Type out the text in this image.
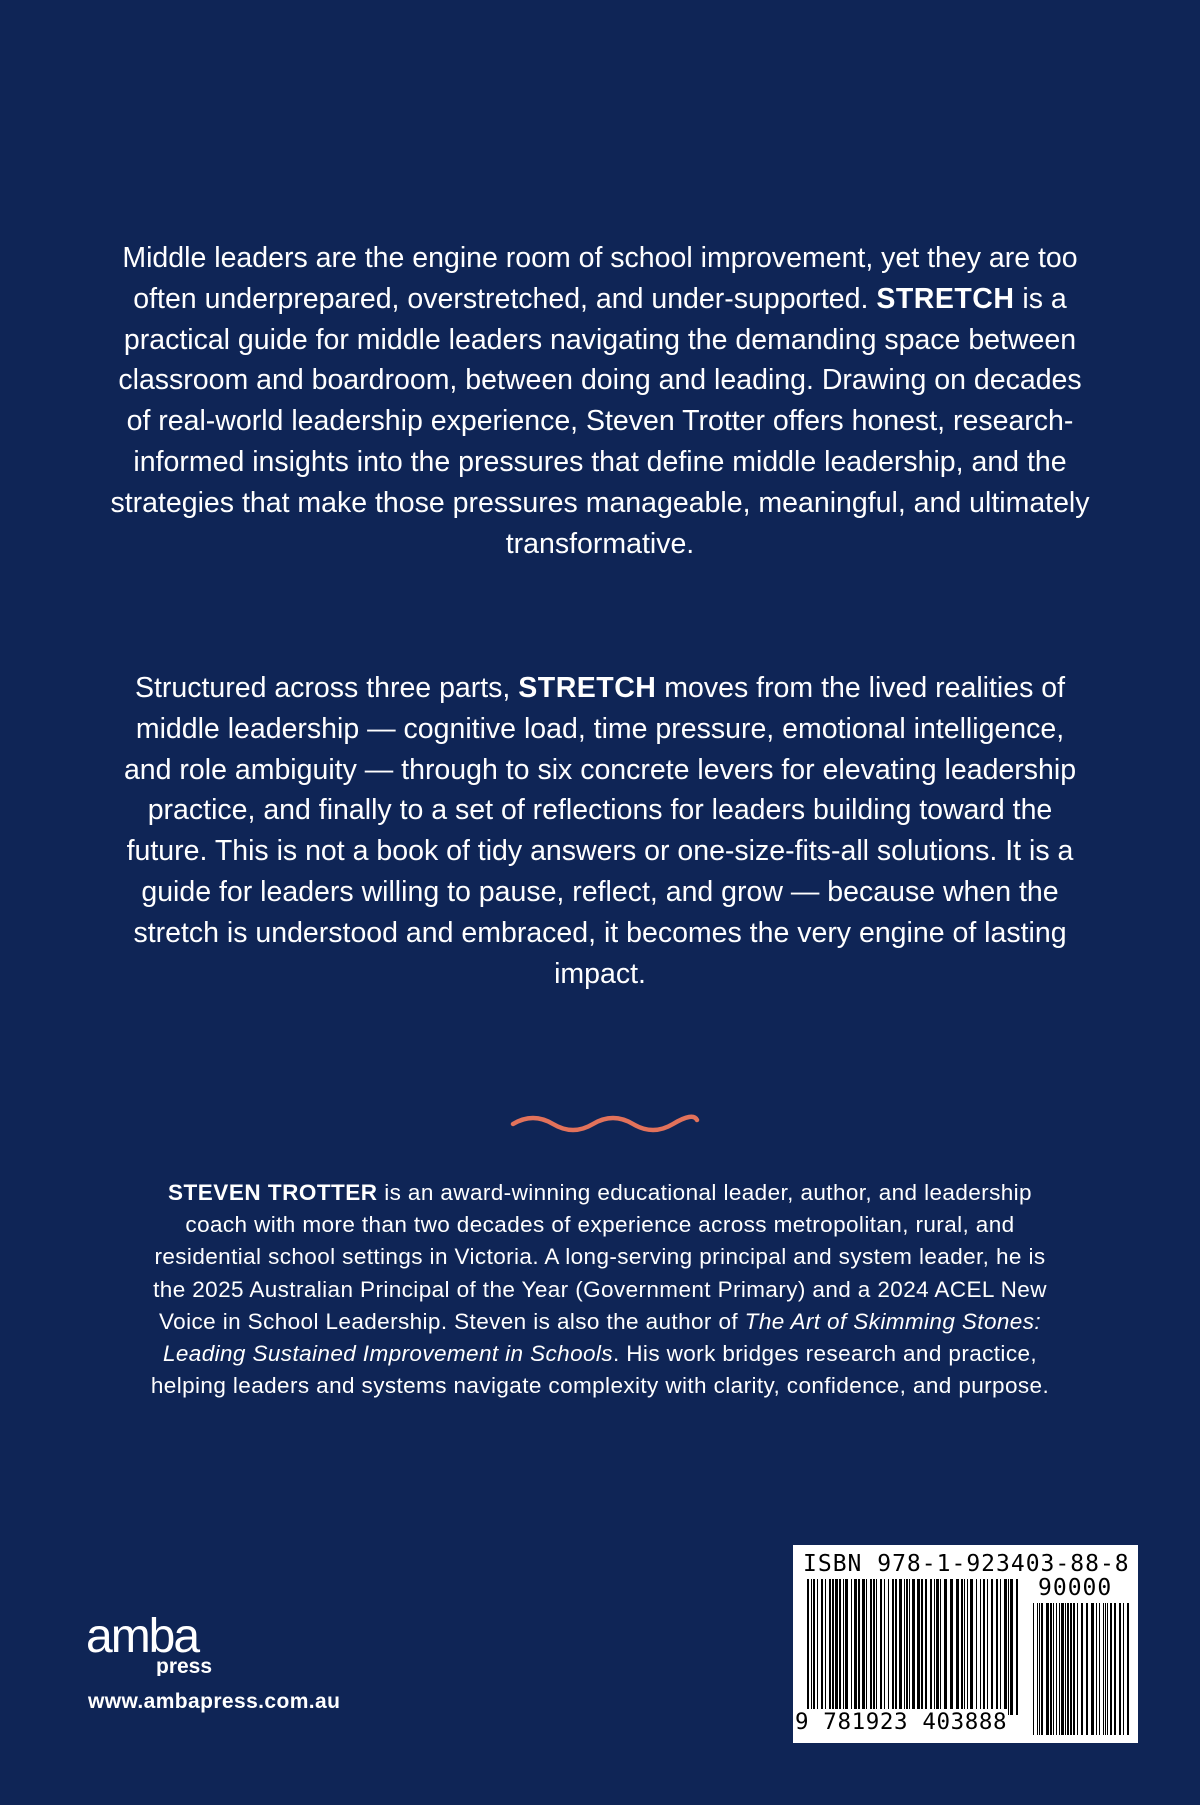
Middle leaders are the engine room of school improvement, yet they are too often underprepared, overstretched, and under-supported. STRETCH is a practical guide for middle leaders navigating the demanding space between classroom and boardroom, between doing and leading. Drawing on decades of real-world leadership experience, Steven Trotter offers honest, research-informed insights into the pressures that define middle leadership, and the strategies that make those pressures manageable, meaningful, and ultimately transformative.

Structured across three parts, STRETCH moves from the lived realities of middle leadership — cognitive load, time pressure, emotional intelligence, and role ambiguity — through to six concrete levers for elevating leadership practice, and finally to a set of reflections for leaders building toward the future. This is not a book of tidy answers or one-size-fits-all solutions. It is a guide for leaders willing to pause, reflect, and grow — because when the stretch is understood and embraced, it becomes the very engine of lasting impact.

STEVEN TROTTER is an award-winning educational leader, author, and leadership coach with more than two decades of experience across metropolitan, rural, and residential school settings in Victoria. A long-serving principal and system leader, he is the 2025 Australian Principal of the Year (Government Primary) and a 2024 ACEL New Voice in School Leadership. Steven is also the author of The Art of Skimming Stones: Leading Sustained Improvement in Schools. His work bridges research and practice, helping leaders and systems navigate complexity with clarity, confidence, and purpose.

amba
press

www.ambapress.com.au

ISBN 978-1-923403-88-8

90000

9 781923 403888
